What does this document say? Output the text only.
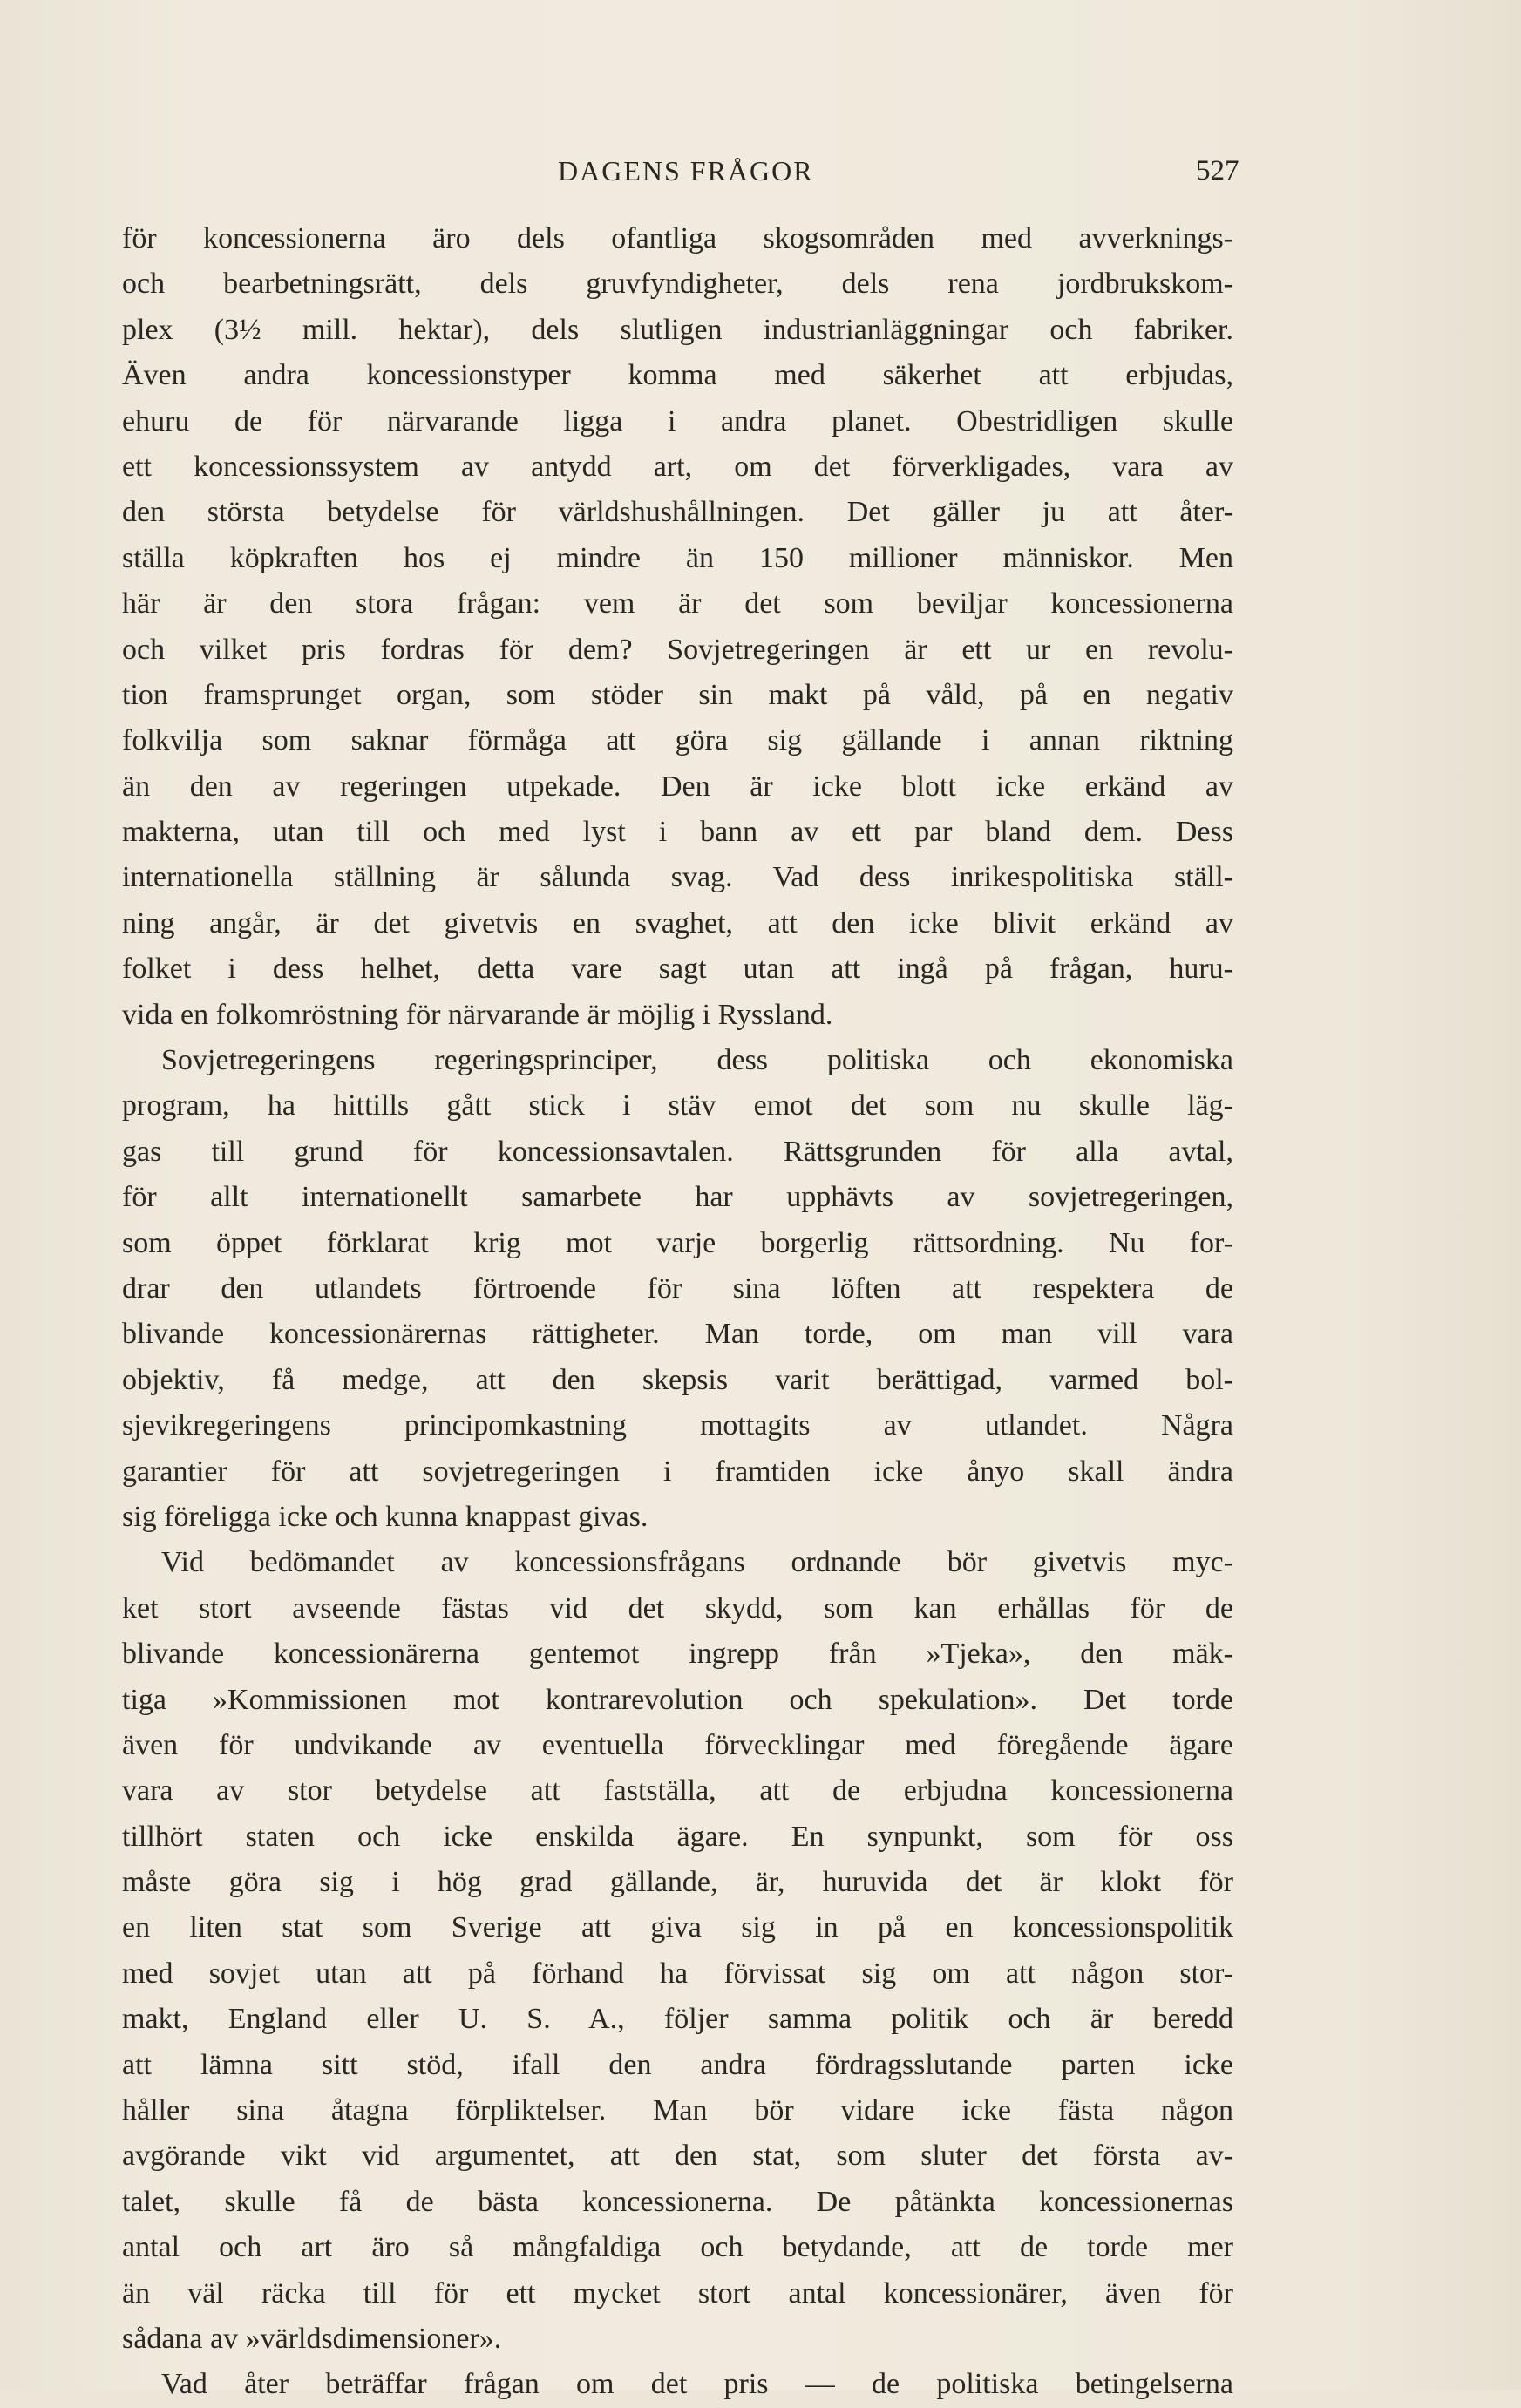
DAGENS FRÅGOR	527
för koncessionerna äro dels ofantliga skogsområden med avverknings-
och bearbetningsrätt, dels gruvfyndigheter, dels rena jordbrukskom-
plex (3½ mill. hektar), dels slutligen industrianläggningar och fabriker.
Även andra koncessionstyper komma med säkerhet att erbjudas,
ehuru de för närvarande ligga i andra planet. Obestridligen skulle
ett koncessionssystem av antydd art, om det förverkligades, vara av
den största betydelse för världshushållningen. Det gäller ju att åter-
ställa köpkraften hos ej mindre än 150 millioner människor. Men
här är den stora frågan: vem är det som beviljar koncessionerna
och vilket pris fordras för dem? Sovjetregeringen är ett ur en revolu-
tion framsprunget organ, som stöder sin makt på våld, på en negativ
folkvilja som saknar förmåga att göra sig gällande i annan riktning
än den av regeringen utpekade. Den är icke blott icke erkänd av
makterna, utan till och med lyst i bann av ett par bland dem. Dess
internationella ställning är sålunda svag. Vad dess inrikespolitiska ställ-
ning angår, är det givetvis en svaghet, att den icke blivit erkänd av
folket i dess helhet, detta vare sagt utan att ingå på frågan, huru-
vida en folkomröstning för närvarande är möjlig i Ryssland.
Sovjetregeringens regeringsprinciper, dess politiska och ekonomiska
program, ha hittills gått stick i stäv emot det som nu skulle läg-
gas till grund för koncessionsavtalen. Rättsgrunden för alla avtal,
för allt internationellt samarbete har upphävts av sovjetregeringen,
som öppet förklarat krig mot varje borgerlig rättsordning. Nu for-
drar den utlandets förtroende för sina löften att respektera de
blivande koncessionärernas rättigheter. Man torde, om man vill vara
objektiv, få medge, att den skepsis varit berättigad, varmed bol-
sjevikregeringens principomkastning mottagits av utlandet. Några
garantier för att sovjetregeringen i framtiden icke ånyo skall ändra
sig föreligga icke och kunna knappast givas.
Vid bedömandet av koncessionsfrågans ordnande bör givetvis myc-
ket stort avseende fästas vid det skydd, som kan erhållas för de
blivande koncessionärerna gentemot ingrepp från »Tjeka», den mäk-
tiga »Kommissionen mot kontrarevolution och spekulation». Det torde
även för undvikande av eventuella förvecklingar med föregående ägare
vara av stor betydelse att fastställa, att de erbjudna koncessionerna
tillhört staten och icke enskilda ägare. En synpunkt, som för oss
måste göra sig i hög grad gällande, är, huruvida det är klokt för
en liten stat som Sverige att giva sig in på en koncessionspolitik
med sovjet utan att på förhand ha förvissat sig om att någon stor-
makt, England eller U. S. A., följer samma politik och är beredd
att lämna sitt stöd, ifall den andra fördragsslutande parten icke
håller sina åtagna förpliktelser. Man bör vidare icke fästa någon
avgörande vikt vid argumentet, att den stat, som sluter det första av-
talet, skulle få de bästa koncessionerna. De påtänkta koncessionernas
antal och art äro så mångfaldiga och betydande, att de torde mer
än väl räcka till för ett mycket stort antal koncessionärer, även för
sådana av »världsdimensioner».
Vad åter beträffar frågan om det pris — de politiska betingelserna
